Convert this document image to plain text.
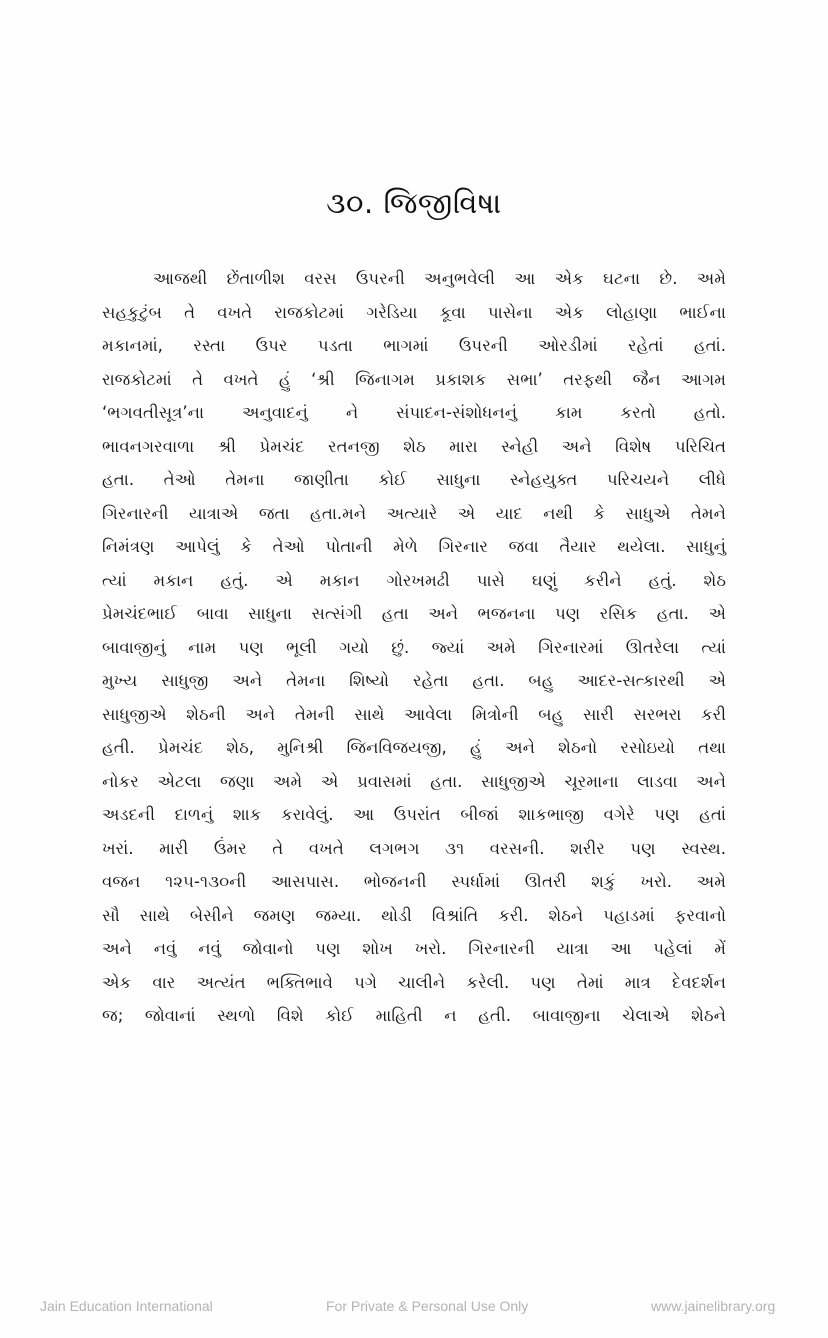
૩૦. જિજીવિષા
આજથી છેંતાળીશ વરસ ઉપરની અનુભવેલી આ એક ઘટના છે. અમે
સહકુટુંબ તે વખતે રાજકોટમાં ગરેડિયા કૂવા પાસેના એક લોહાણા ભાઈના
મકાનમાં, રસ્તા ઉપર પડતા ભાગમાં ઉપરની ઓરડીમાં રહેતાં હતાં.
રાજકોટમાં તે વખતે હું ‘શ્રી જિનાગમ પ્રકાશક સભા’ તરફથી જૈન આગમ
‘ભગવતીસૂત્ર’ના અનુવાદનું ને સંપાદન-સંશોધનનું કામ કરતો હતો.
ભાવનગરવાળા શ્રી પ્રેમચંદ રતનજી શેઠ મારા સ્નેહી અને વિશેષ પરિચિત
હતા. તેઓ તેમના જાણીતા કોઈ સાધુના સ્નેહયુક્ત પરિચયને લીધે
ગિરનારની યાત્રાએ જતા હતા.મને અત્યારે એ યાદ નથી કે સાધુએ તેમને
નિમંત્રણ આપેલું કે તેઓ પોતાની મેળે ગિરનાર જવા તૈયાર થયેલા. સાધુનું
ત્યાં મકાન હતું. એ મકાન ગોરખમઢી પાસે ઘણું કરીને હતું. શેઠ
પ્રેમચંદભાઈ બાવા સાધુના સત્સંગી હતા અને ભજનના પણ રસિક હતા. એ
બાવાજીનું નામ પણ ભૂલી ગયો છું. જ્યાં અમે ગિરનારમાં ઊતરેલા ત્યાં
મુખ્ય સાધુજી અને તેમના શિષ્યો રહેતા હતા. બહુ આદર-સત્કારથી એ
સાધુજીએ શેઠની અને તેમની સાથે આવેલા મિત્રોની બહુ સારી સરભરા કરી
હતી. પ્રેમચંદ શેઠ, મુનિશ્રી જિનવિજયજી, હું અને શેઠનો રસોઇયો તથા
નોકર એટલા જણા અમે એ પ્રવાસમાં હતા. સાધુજીએ ચૂરમાના લાડવા અને
અડદની દાળનું શાક કરાવેલું. આ ઉપરાંત બીજાં શાકભાજી વગેરે પણ હતાં
ખરાં. મારી ઉંમર તે વખતે લગભગ ૩૧ વરસની. શરીર પણ સ્વસ્થ.
વજન ૧૨૫-૧૩૦ની આસપાસ. ભોજનની સ્પર્ધામાં ઊતરી શકું ખરો. અમે
સૌ સાથે બેસીને જમણ જમ્યા. થોડી વિશ્રાંતિ કરી. શેઠને પહાડમાં ફરવાનો
અને નવું નવું જોવાનો પણ શોખ ખરો. ગિરનારની યાત્રા આ પહેલાં મેં
એક વાર અત્યંત ભક્તિભાવે પગે ચાલીને કરેલી. પણ તેમાં માત્ર દેવદર્શન
જ; જોવાનાં સ્થળો વિશે કોઈ માહિતી ન હતી. બાવાજીના ચેલાએ શેઠને
Jain Education International	For Private & Personal Use Only	www.jainelibrary.org
